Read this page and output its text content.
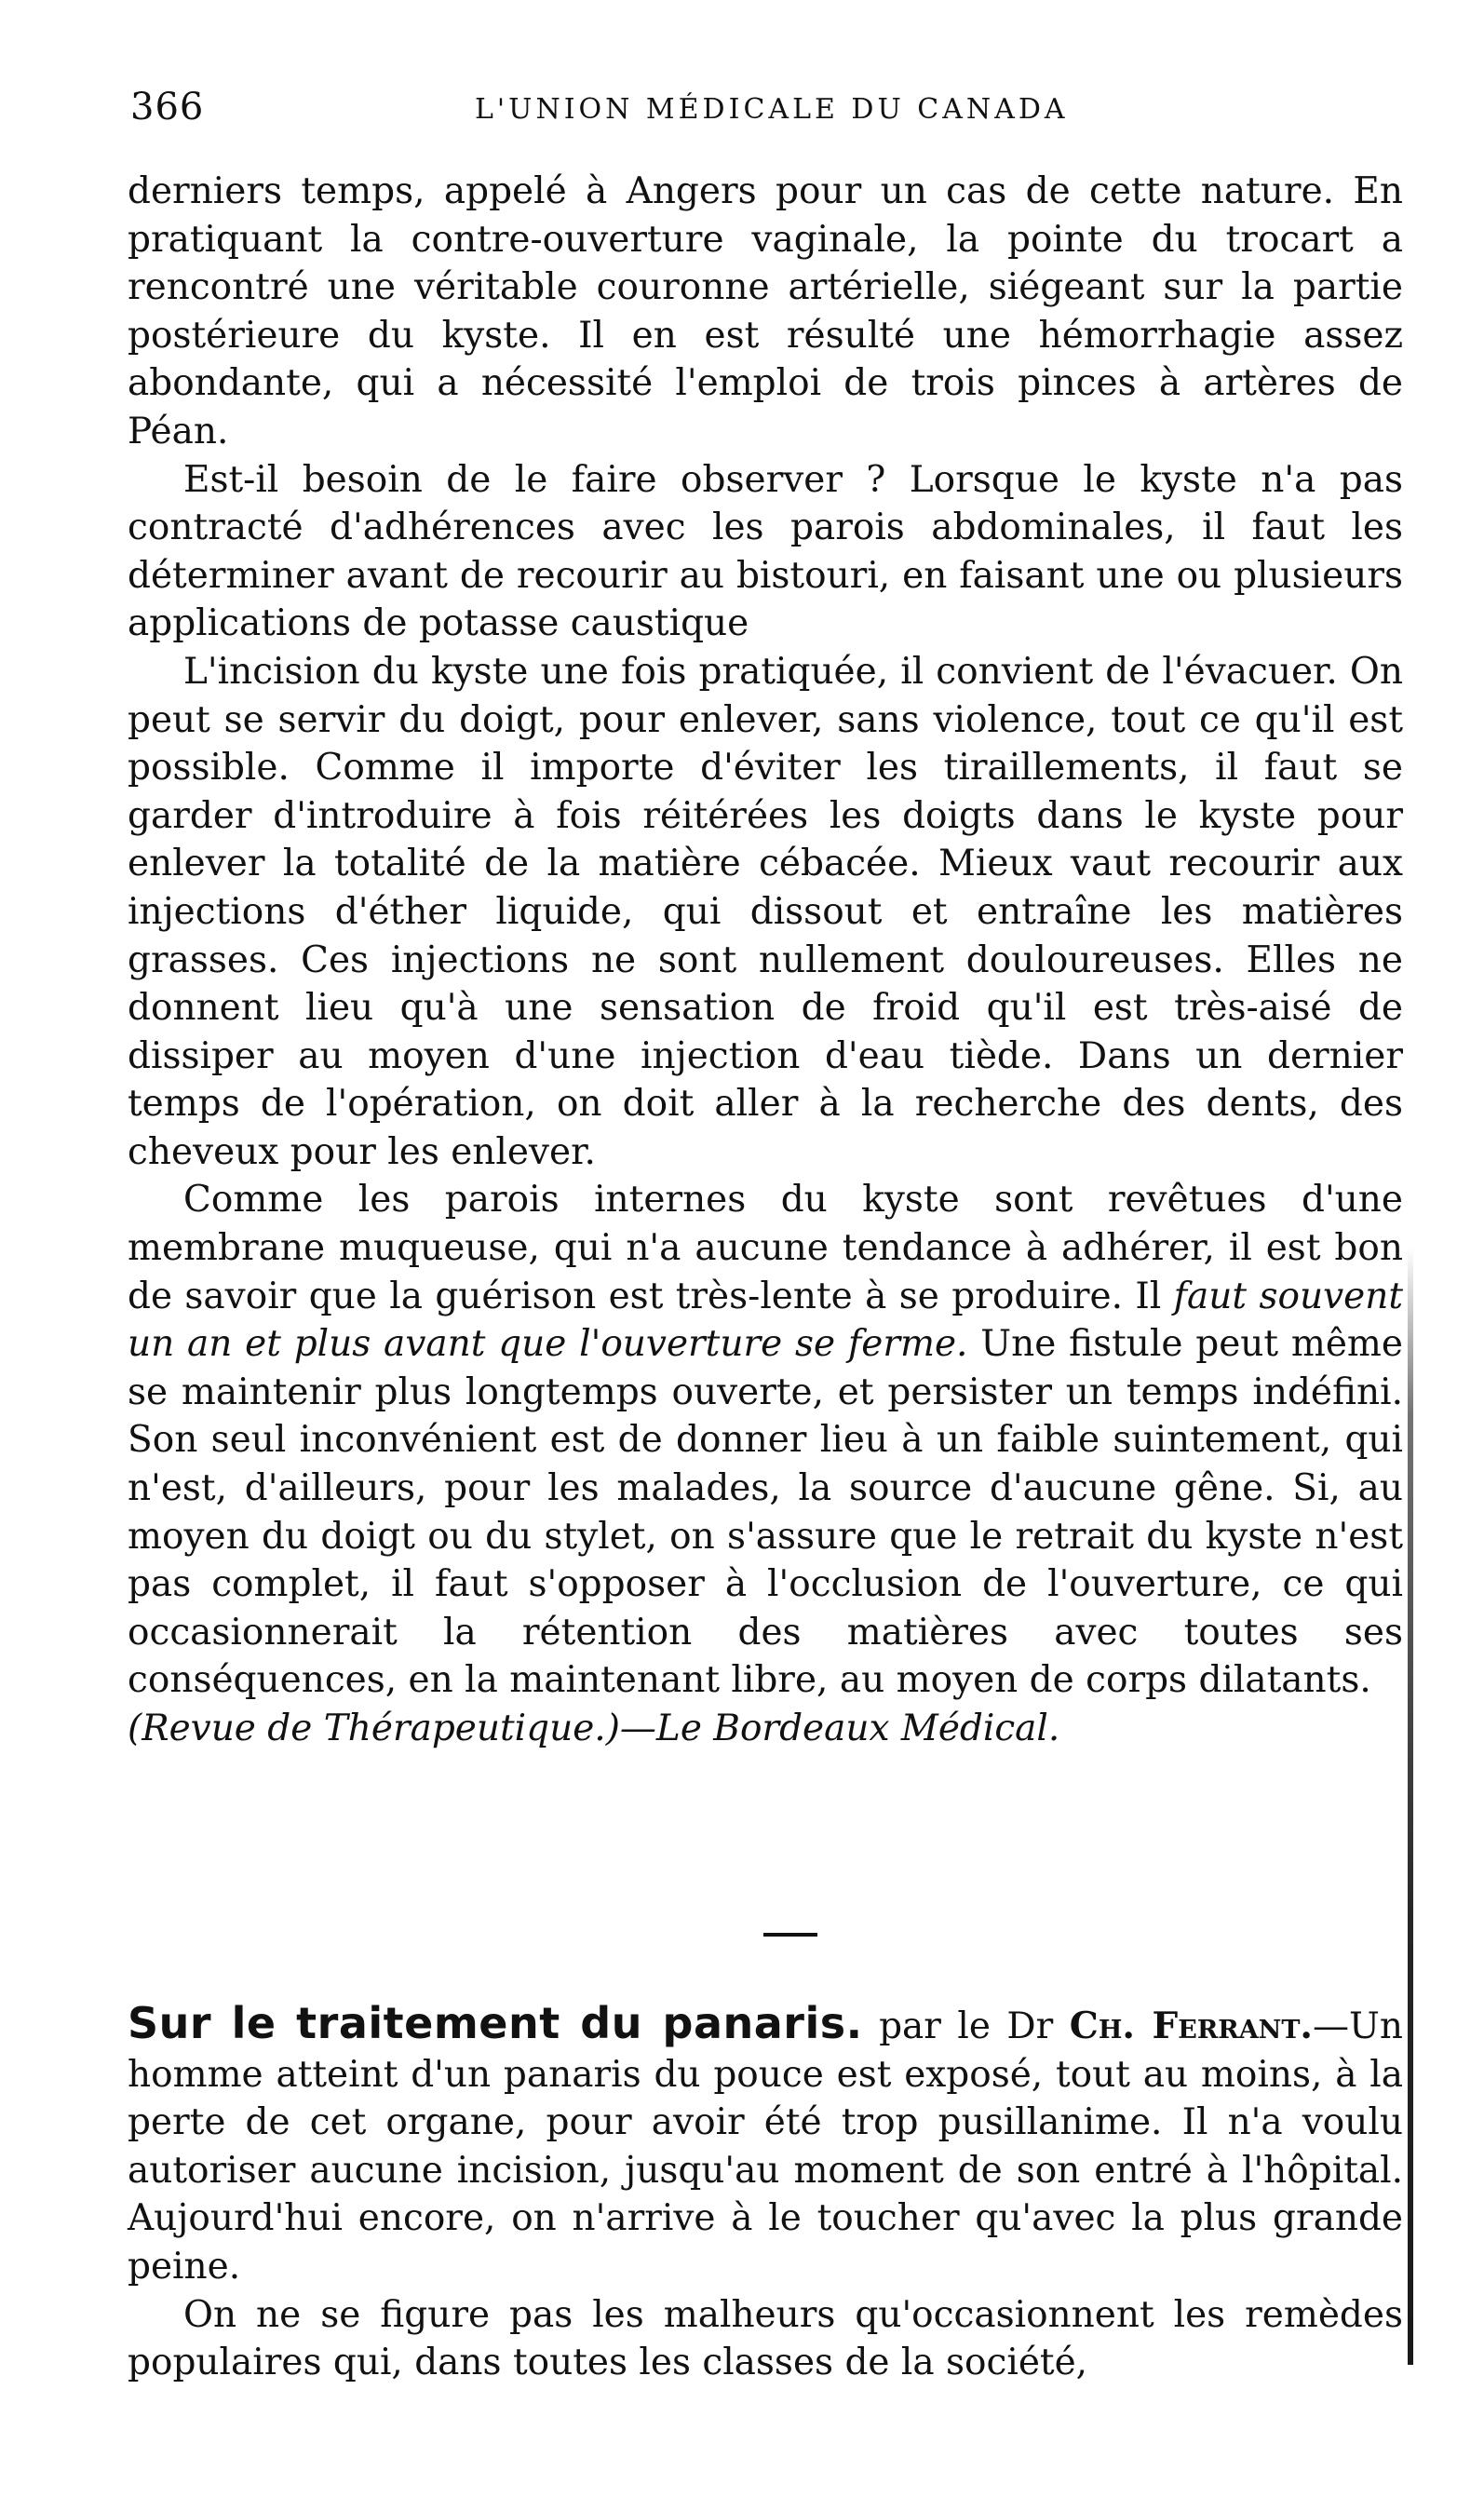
366	L'UNION MÉDICALE DU CANADA

derniers temps, appelé à Angers pour un cas de cette nature. En pratiquant la contre-ouverture vaginale, la pointe du trocart a rencontré une véritable couronne artérielle, siégeant sur la partie postérieure du kyste. Il en est résulté une hémorrhagie assez abondante, qui a nécessité l'emploi de trois pinces à artères de Péan.

Est-il besoin de le faire observer ? Lorsque le kyste n'a pas contracté d'adhérences avec les parois abdominales, il faut les déterminer avant de recourir au bistouri, en faisant une ou plusieurs applications de potasse caustique

L'incision du kyste une fois pratiquée, il convient de l'évacuer. On peut se servir du doigt, pour enlever, sans violence, tout ce qu'il est possible. Comme il importe d'éviter les tiraillements, il faut se garder d'introduire à fois réitérées les doigts dans le kyste pour enlever la totalité de la matière cébacée. Mieux vaut recourir aux injections d'éther liquide, qui dissout et entraîne les matières grasses. Ces injections ne sont nullement douloureuses. Elles ne donnent lieu qu'à une sensation de froid qu'il est très-aisé de dissiper au moyen d'une injection d'eau tiède. Dans un dernier temps de l'opération, on doit aller à la recherche des dents, des cheveux pour les enlever.

Comme les parois internes du kyste sont revêtues d'une membrane muqueuse, qui n'a aucune tendance à adhérer, il est bon de savoir que la guérison est très-lente à se produire. Il faut souvent un an et plus avant que l'ouverture se ferme. Une fistule peut même se maintenir plus longtemps ouverte, et persister un temps indéfini. Son seul inconvénient est de donner lieu à un faible suintement, qui n'est, d'ailleurs, pour les malades, la source d'aucune gêne. Si, au moyen du doigt ou du stylet, on s'assure que le retrait du kyste n'est pas complet, il faut s'opposer à l'occlusion de l'ouverture, ce qui occasionnerait la rétention des matières avec toutes ses conséquences, en la maintenant libre, au moyen de corps dilatants.
(Revue de Thérapeutique.)—Le Bordeaux Médical.

Sur le traitement du panaris. par le Dr Ch. Ferrant.—Un homme atteint d'un panaris du pouce est exposé, tout au moins, à la perte de cet organe, pour avoir été trop pusillanime. Il n'a voulu autoriser aucune incision, jusqu'au moment de son entré à l'hôpital. Aujourd'hui encore, on n'arrive à le toucher qu'avec la plus grande peine.

On ne se figure pas les malheurs qu'occasionnent les remèdes populaires qui, dans toutes les classes de la société,
